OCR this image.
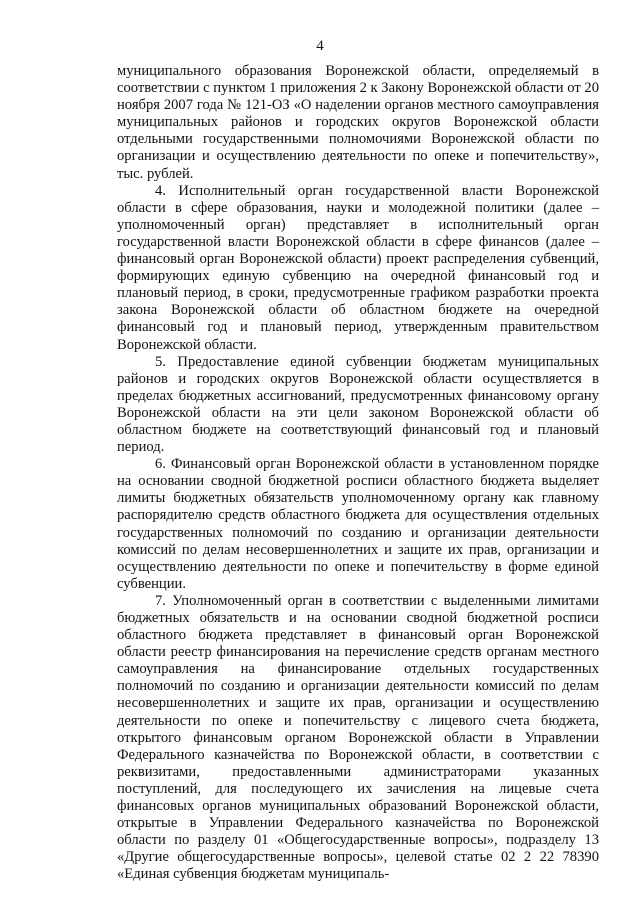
4

муниципального образования Воронежской области, определяемый в соответствии с пунктом 1 приложения 2 к Закону Воронежской области от 20 ноября 2007 года № 121-ОЗ «О наделении органов местного самоуправления муниципальных районов и городских округов Воронежской области отдельными государственными полномочиями Воронежской области по организации и осуществлению деятельности по опеке и попечительству», тыс. рублей.

4. Исполнительный орган государственной власти Воронежской области в сфере образования, науки и молодежной политики (далее – уполномоченный орган) представляет в исполнительный орган государственной власти Воронежской области в сфере финансов (далее – финансовый орган Воронежской области) проект распределения субвенций, формирующих единую субвенцию на очередной финансовый год и плановый период, в сроки, предусмотренные графиком разработки проекта закона Воронежской области об областном бюджете на очередной финансовый год и плановый период, утвержденным правительством Воронежской области.

5. Предоставление единой субвенции бюджетам муниципальных районов и городских округов Воронежской области осуществляется в пределах бюджетных ассигнований, предусмотренных финансовому органу Воронежской области на эти цели законом Воронежской области об областном бюджете на соответствующий финансовый год и плановый период.

6. Финансовый орган Воронежской области в установленном порядке на основании сводной бюджетной росписи областного бюджета выделяет лимиты бюджетных обязательств уполномоченному органу как главному распорядителю средств областного бюджета для осуществления отдельных государственных полномочий по созданию и организации деятельности комиссий по делам несовершеннолетних и защите их прав, организации и осуществлению деятельности по опеке и попечительству в форме единой субвенции.

7. Уполномоченный орган в соответствии с выделенными лимитами бюджетных обязательств и на основании сводной бюджетной росписи областного бюджета представляет в финансовый орган Воронежской области реестр финансирования на перечисление средств органам местного самоуправления на финансирование отдельных государственных полномочий по созданию и организации деятельности комиссий по делам несовершеннолетних и защите их прав, организации и осуществлению деятельности по опеке и попечительству с лицевого счета бюджета, открытого финансовым органом Воронежской области в Управлении Федерального казначейства по Воронежской области, в соответствии с реквизитами, предоставленными администраторами указанных поступлений, для последующего их зачисления на лицевые счета финансовых органов муниципальных образований Воронежской области, открытые в Управлении Федерального казначейства по Воронежской области по разделу 01 «Общегосударственные вопросы», подразделу 13 «Другие общегосударственные вопросы», целевой статье 02 2 22 78390 «Единая субвенция бюджетам муниципаль-
